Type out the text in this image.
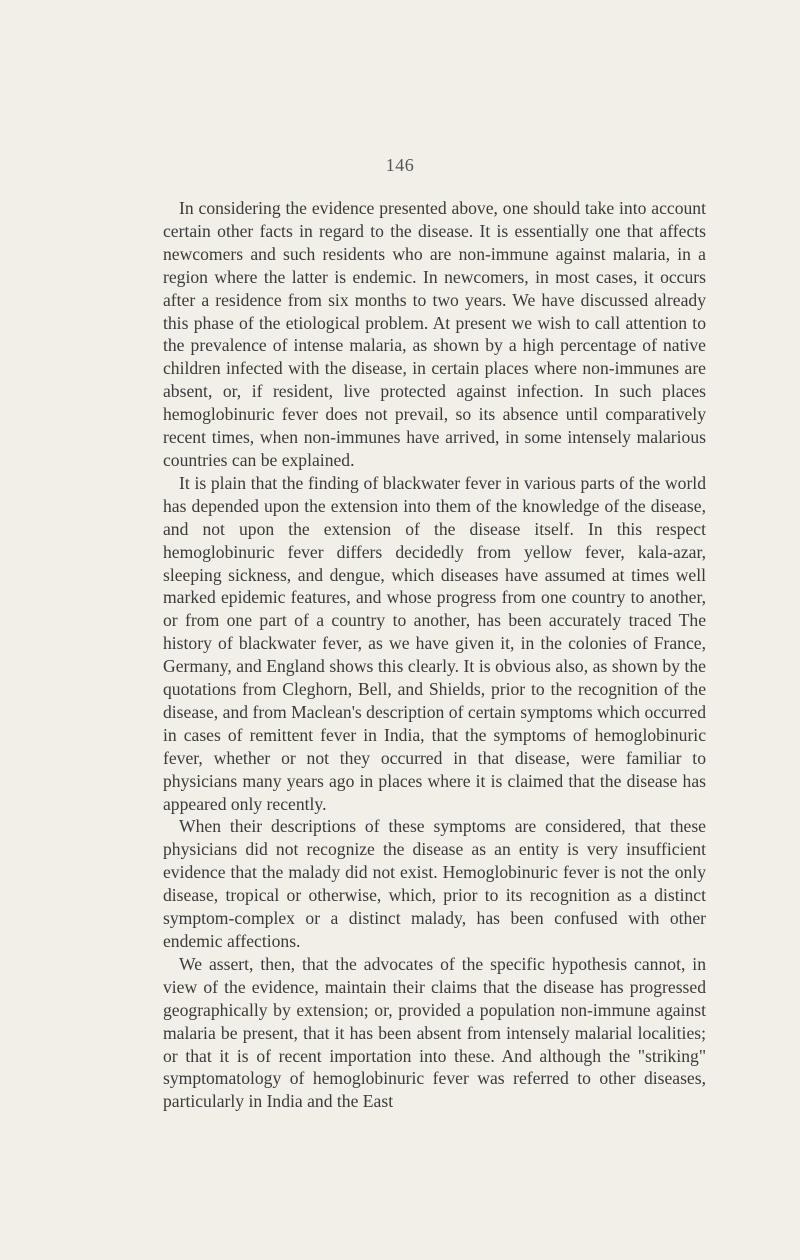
146

In considering the evidence presented above, one should take into account certain other facts in regard to the disease. It is essentially one that affects newcomers and such residents who are non-immune against malaria, in a region where the latter is endemic. In newcomers, in most cases, it occurs after a residence from six months to two years. We have discussed already this phase of the etiological problem. At present we wish to call attention to the prevalence of intense malaria, as shown by a high percentage of native children infected with the disease, in certain places where non-immunes are absent, or, if resident, live protected against infection. In such places hemoglobinuric fever does not prevail, so its absence until comparatively recent times, when non-immunes have arrived, in some intensely malarious countries can be explained.

It is plain that the finding of blackwater fever in various parts of the world has depended upon the extension into them of the knowledge of the disease, and not upon the extension of the disease itself. In this respect hemoglobinuric fever differs decidedly from yellow fever, kala-azar, sleeping sickness, and dengue, which diseases have assumed at times well marked epidemic features, and whose progress from one country to another, or from one part of a country to another, has been accurately traced The history of blackwater fever, as we have given it, in the colonies of France, Germany, and England shows this clearly. It is obvious also, as shown by the quotations from Cleghorn, Bell, and Shields, prior to the recognition of the disease, and from Maclean's description of certain symptoms which occurred in cases of remittent fever in India, that the symptoms of hemoglobinuric fever, whether or not they occurred in that disease, were familiar to physicians many years ago in places where it is claimed that the disease has appeared only recently.

When their descriptions of these symptoms are considered, that these physicians did not recognize the disease as an entity is very insufficient evidence that the malady did not exist. Hemoglobinuric fever is not the only disease, tropical or otherwise, which, prior to its recognition as a distinct symptom-complex or a distinct malady, has been confused with other endemic affections.

We assert, then, that the advocates of the specific hypothesis cannot, in view of the evidence, maintain their claims that the disease has progressed geographically by extension; or, provided a population non-immune against malaria be present, that it has been absent from intensely malarial localities; or that it is of recent importation into these. And although the "striking" symptomatology of hemoglobinuric fever was referred to other diseases, particularly in India and the East
